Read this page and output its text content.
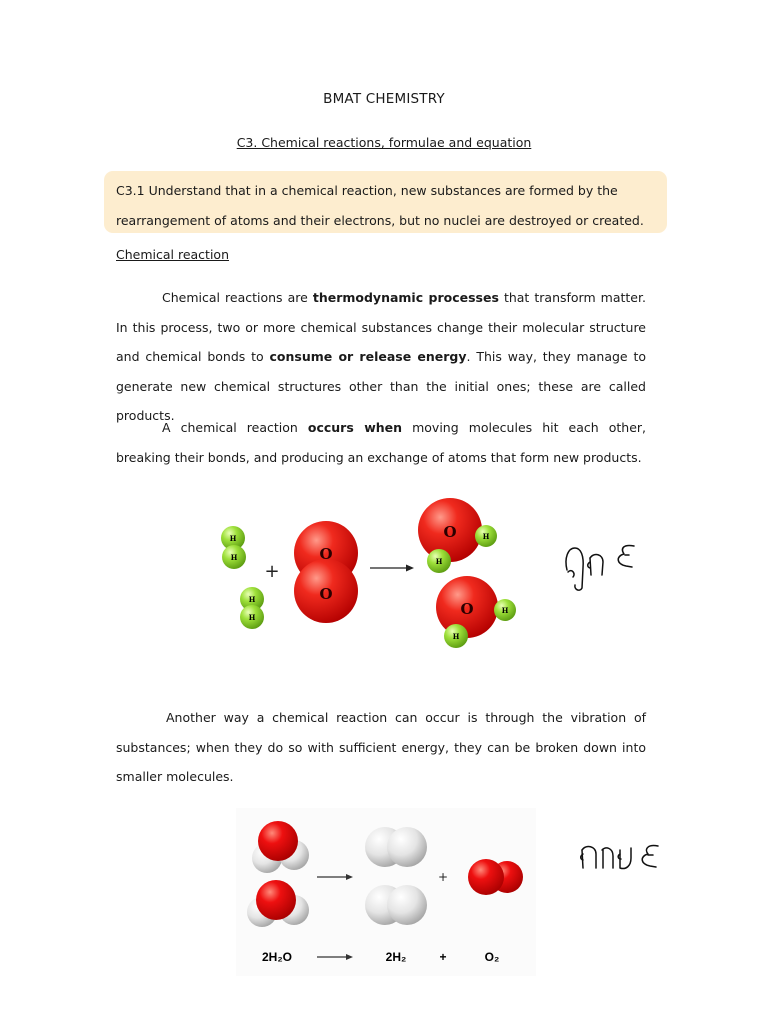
BMAT CHEMISTRY
C3. Chemical reactions, formulae and equation
C3.1 Understand that in a chemical reaction, new substances are formed by the rearrangement of atoms and their electrons, but no nuclei are destroyed or created.
Chemical reaction
Chemical reactions are thermodynamic processes that transform matter. In this process, two or more chemical substances change their molecular structure and chemical bonds to consume or release energy. This way, they manage to generate new chemical structures other than the initial ones; these are called products.
A chemical reaction occurs when moving molecules hit each other, breaking their bonds, and producing an exchange of atoms that form new products.
Another way a chemical reaction can occur is through the vibration of substances; when they do so with sufficient energy, they can be broken down into smaller molecules.
H
H
H
H
+
O
O
O	H
H
O	H
H
+
2H₂O	2H₂	+	O₂
